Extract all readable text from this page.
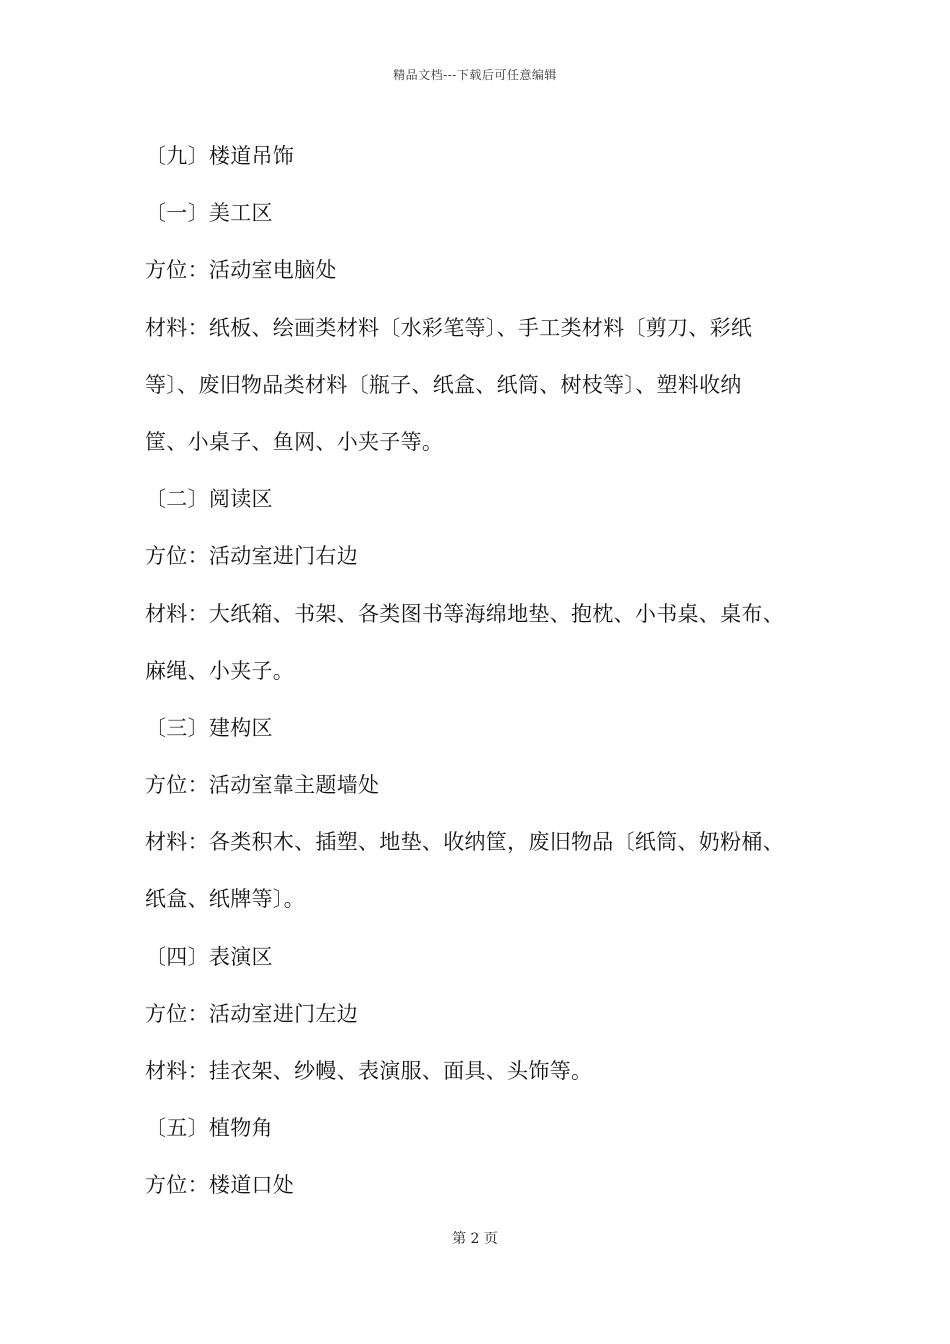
精品文档---下载后可任意编辑
〔九〕楼道吊饰
〔一〕美工区
方位：活动室电脑处
材料：纸板、绘画类材料〔水彩笔等〕、手工类材料〔剪刀、彩纸
等〕、废旧物品类材料〔瓶子、纸盒、纸筒、树枝等〕、塑料收纳
筐、小桌子、鱼网、小夹子等。
〔二〕阅读区
方位：活动室进门右边
材料：大纸箱、书架、各类图书等海绵地垫、抱枕、小书桌、桌布、
麻绳、小夹子。
〔三〕建构区
方位：活动室靠主题墙处
材料：各类积木、插塑、地垫、收纳筐，废旧物品〔纸筒、奶粉桶、
纸盒、纸牌等〕。
〔四〕表演区
方位：活动室进门左边
材料：挂衣架、纱幔、表演服、面具、头饰等。
〔五〕植物角
方位：楼道口处
第 2 页
